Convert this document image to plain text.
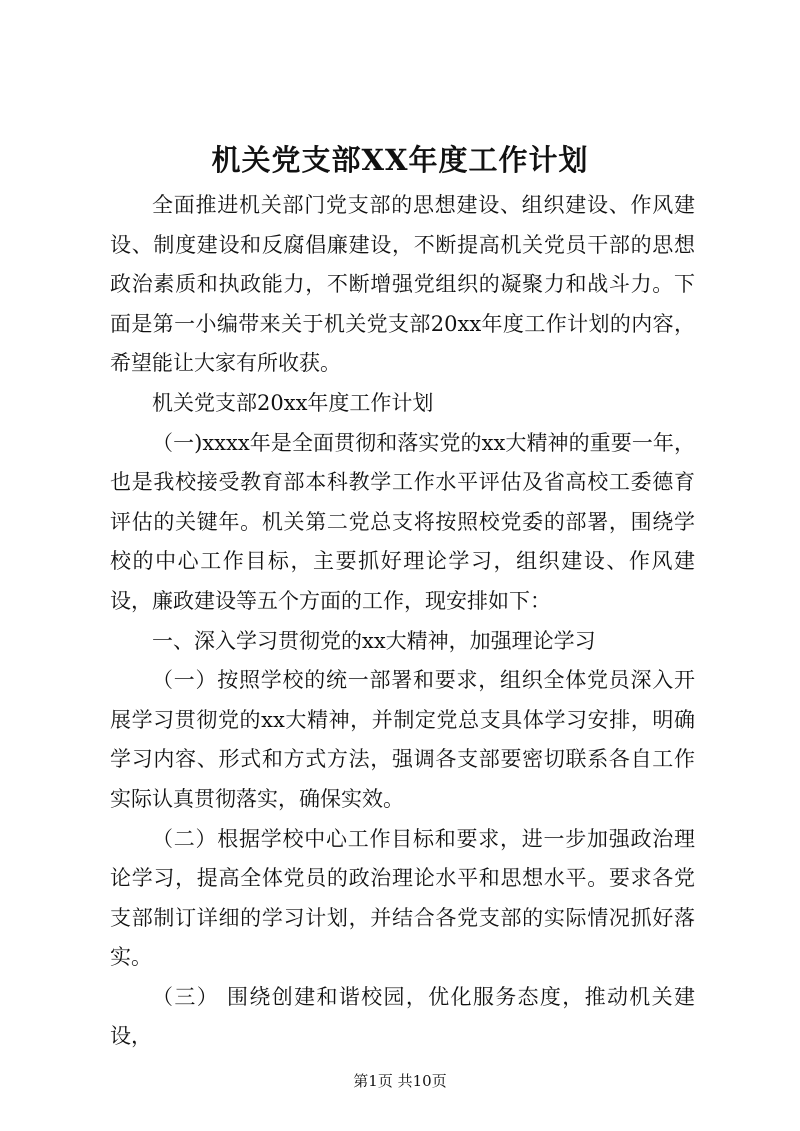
机关党支部XX年度工作计划

全面推进机关部门党支部的思想建设、组织建设、作风建设、制度建设和反腐倡廉建设，不断提高机关党员干部的思想政治素质和执政能力，不断增强党组织的凝聚力和战斗力。下面是第一小编带来关于机关党支部20xx年度工作计划的内容，希望能让大家有所收获。

机关党支部20xx年度工作计划

（一)xxxx年是全面贯彻和落实党的xx大精神的重要一年，也是我校接受教育部本科教学工作水平评估及省高校工委德育评估的关键年。机关第二党总支将按照校党委的部署，围绕学校的中心工作目标，主要抓好理论学习，组织建设、作风建设，廉政建设等五个方面的工作，现安排如下：

一、深入学习贯彻党的xx大精神，加强理论学习

（一）按照学校的统一部署和要求，组织全体党员深入开展学习贯彻党的xx大精神，并制定党总支具体学习安排，明确学习内容、形式和方式方法，强调各支部要密切联系各自工作实际认真贯彻落实，确保实效。

（二）根据学校中心工作目标和要求，进一步加强政治理论学习，提高全体党员的政治理论水平和思想水平。要求各党支部制订详细的学习计划，并结合各党支部的实际情况抓好落实。

（三） 围绕创建和谐校园，优化服务态度，推动机关建设，

第1页 共10页
